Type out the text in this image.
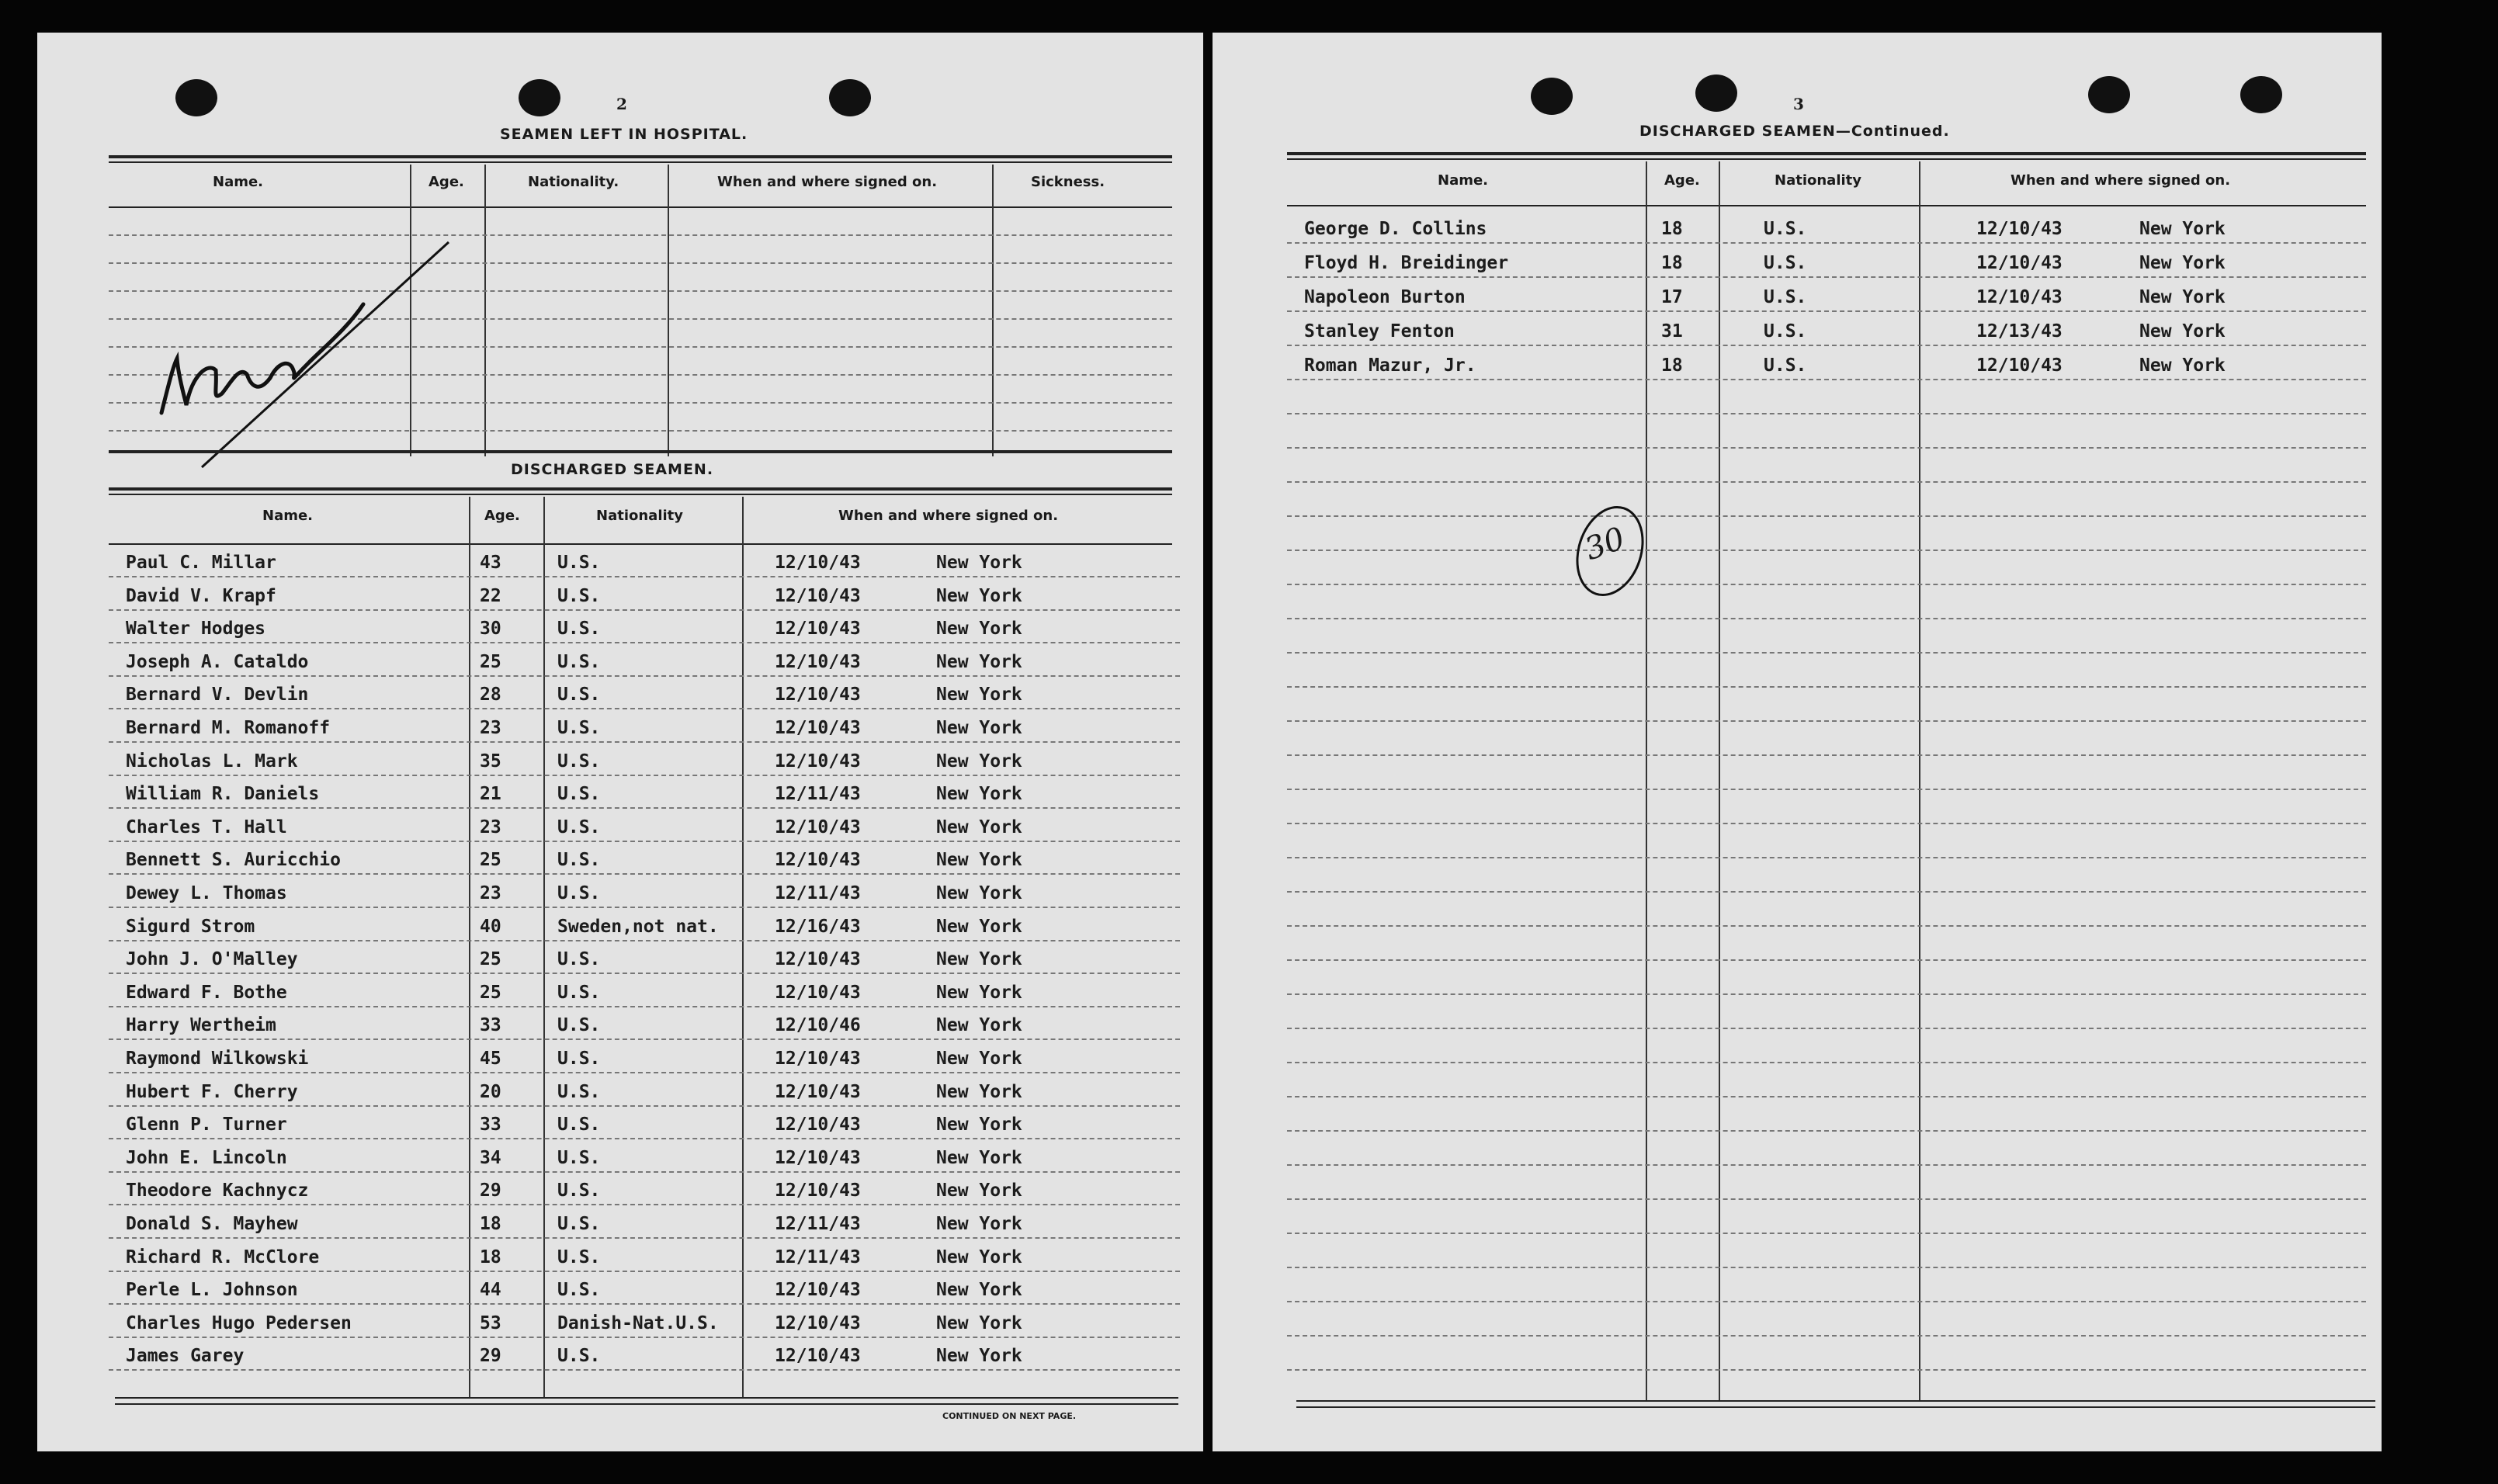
2
SEAMEN LEFT IN HOSPITAL.
Name.	Age.	Nationality.	When and where signed on.	Sickness.
DISCHARGED SEAMEN.
Name.	Age.	Nationality	When and where signed on.
Paul C. Millar	43	U.S.	12/10/43	New York
David V. Krapf	22	U.S.	12/10/43	New York
Walter Hodges	30	U.S.	12/10/43	New York
Joseph A. Cataldo	25	U.S.	12/10/43	New York
Bernard V. Devlin	28	U.S.	12/10/43	New York
Bernard M. Romanoff	23	U.S.	12/10/43	New York
Nicholas L. Mark	35	U.S.	12/10/43	New York
William R. Daniels	21	U.S.	12/11/43	New York
Charles T. Hall	23	U.S.	12/10/43	New York
Bennett S. Auricchio	25	U.S.	12/10/43	New York
Dewey L. Thomas	23	U.S.	12/11/43	New York
Sigurd Strom	40	Sweden,not nat.	12/16/43	New York
John J. O'Malley	25	U.S.	12/10/43	New York
Edward F. Bothe	25	U.S.	12/10/43	New York
Harry Wertheim	33	U.S.	12/10/46	New York
Raymond Wilkowski	45	U.S.	12/10/43	New York
Hubert F. Cherry	20	U.S.	12/10/43	New York
Glenn P. Turner	33	U.S.	12/10/43	New York
John E. Lincoln	34	U.S.	12/10/43	New York
Theodore Kachnycz	29	U.S.	12/10/43	New York
Donald S. Mayhew	18	U.S.	12/11/43	New York
Richard R. McClore	18	U.S.	12/11/43	New York
Perle L. Johnson	44	U.S.	12/10/43	New York
Charles Hugo Pedersen	53	Danish-Nat.U.S.	12/10/43	New York
James Garey	29	U.S.	12/10/43	New York
CONTINUED ON NEXT PAGE.
3
DISCHARGED SEAMEN—Continued.
Name.	Age.	Nationality	When and where signed on.
George D. Collins	18	U.S.	12/10/43	New York
Floyd H. Breidinger	18	U.S.	12/10/43	New York
Napoleon Burton	17	U.S.	12/10/43	New York
Stanley Fenton	31	U.S.	12/13/43	New York
Roman Mazur, Jr.	18	U.S.	12/10/43	New York
30
